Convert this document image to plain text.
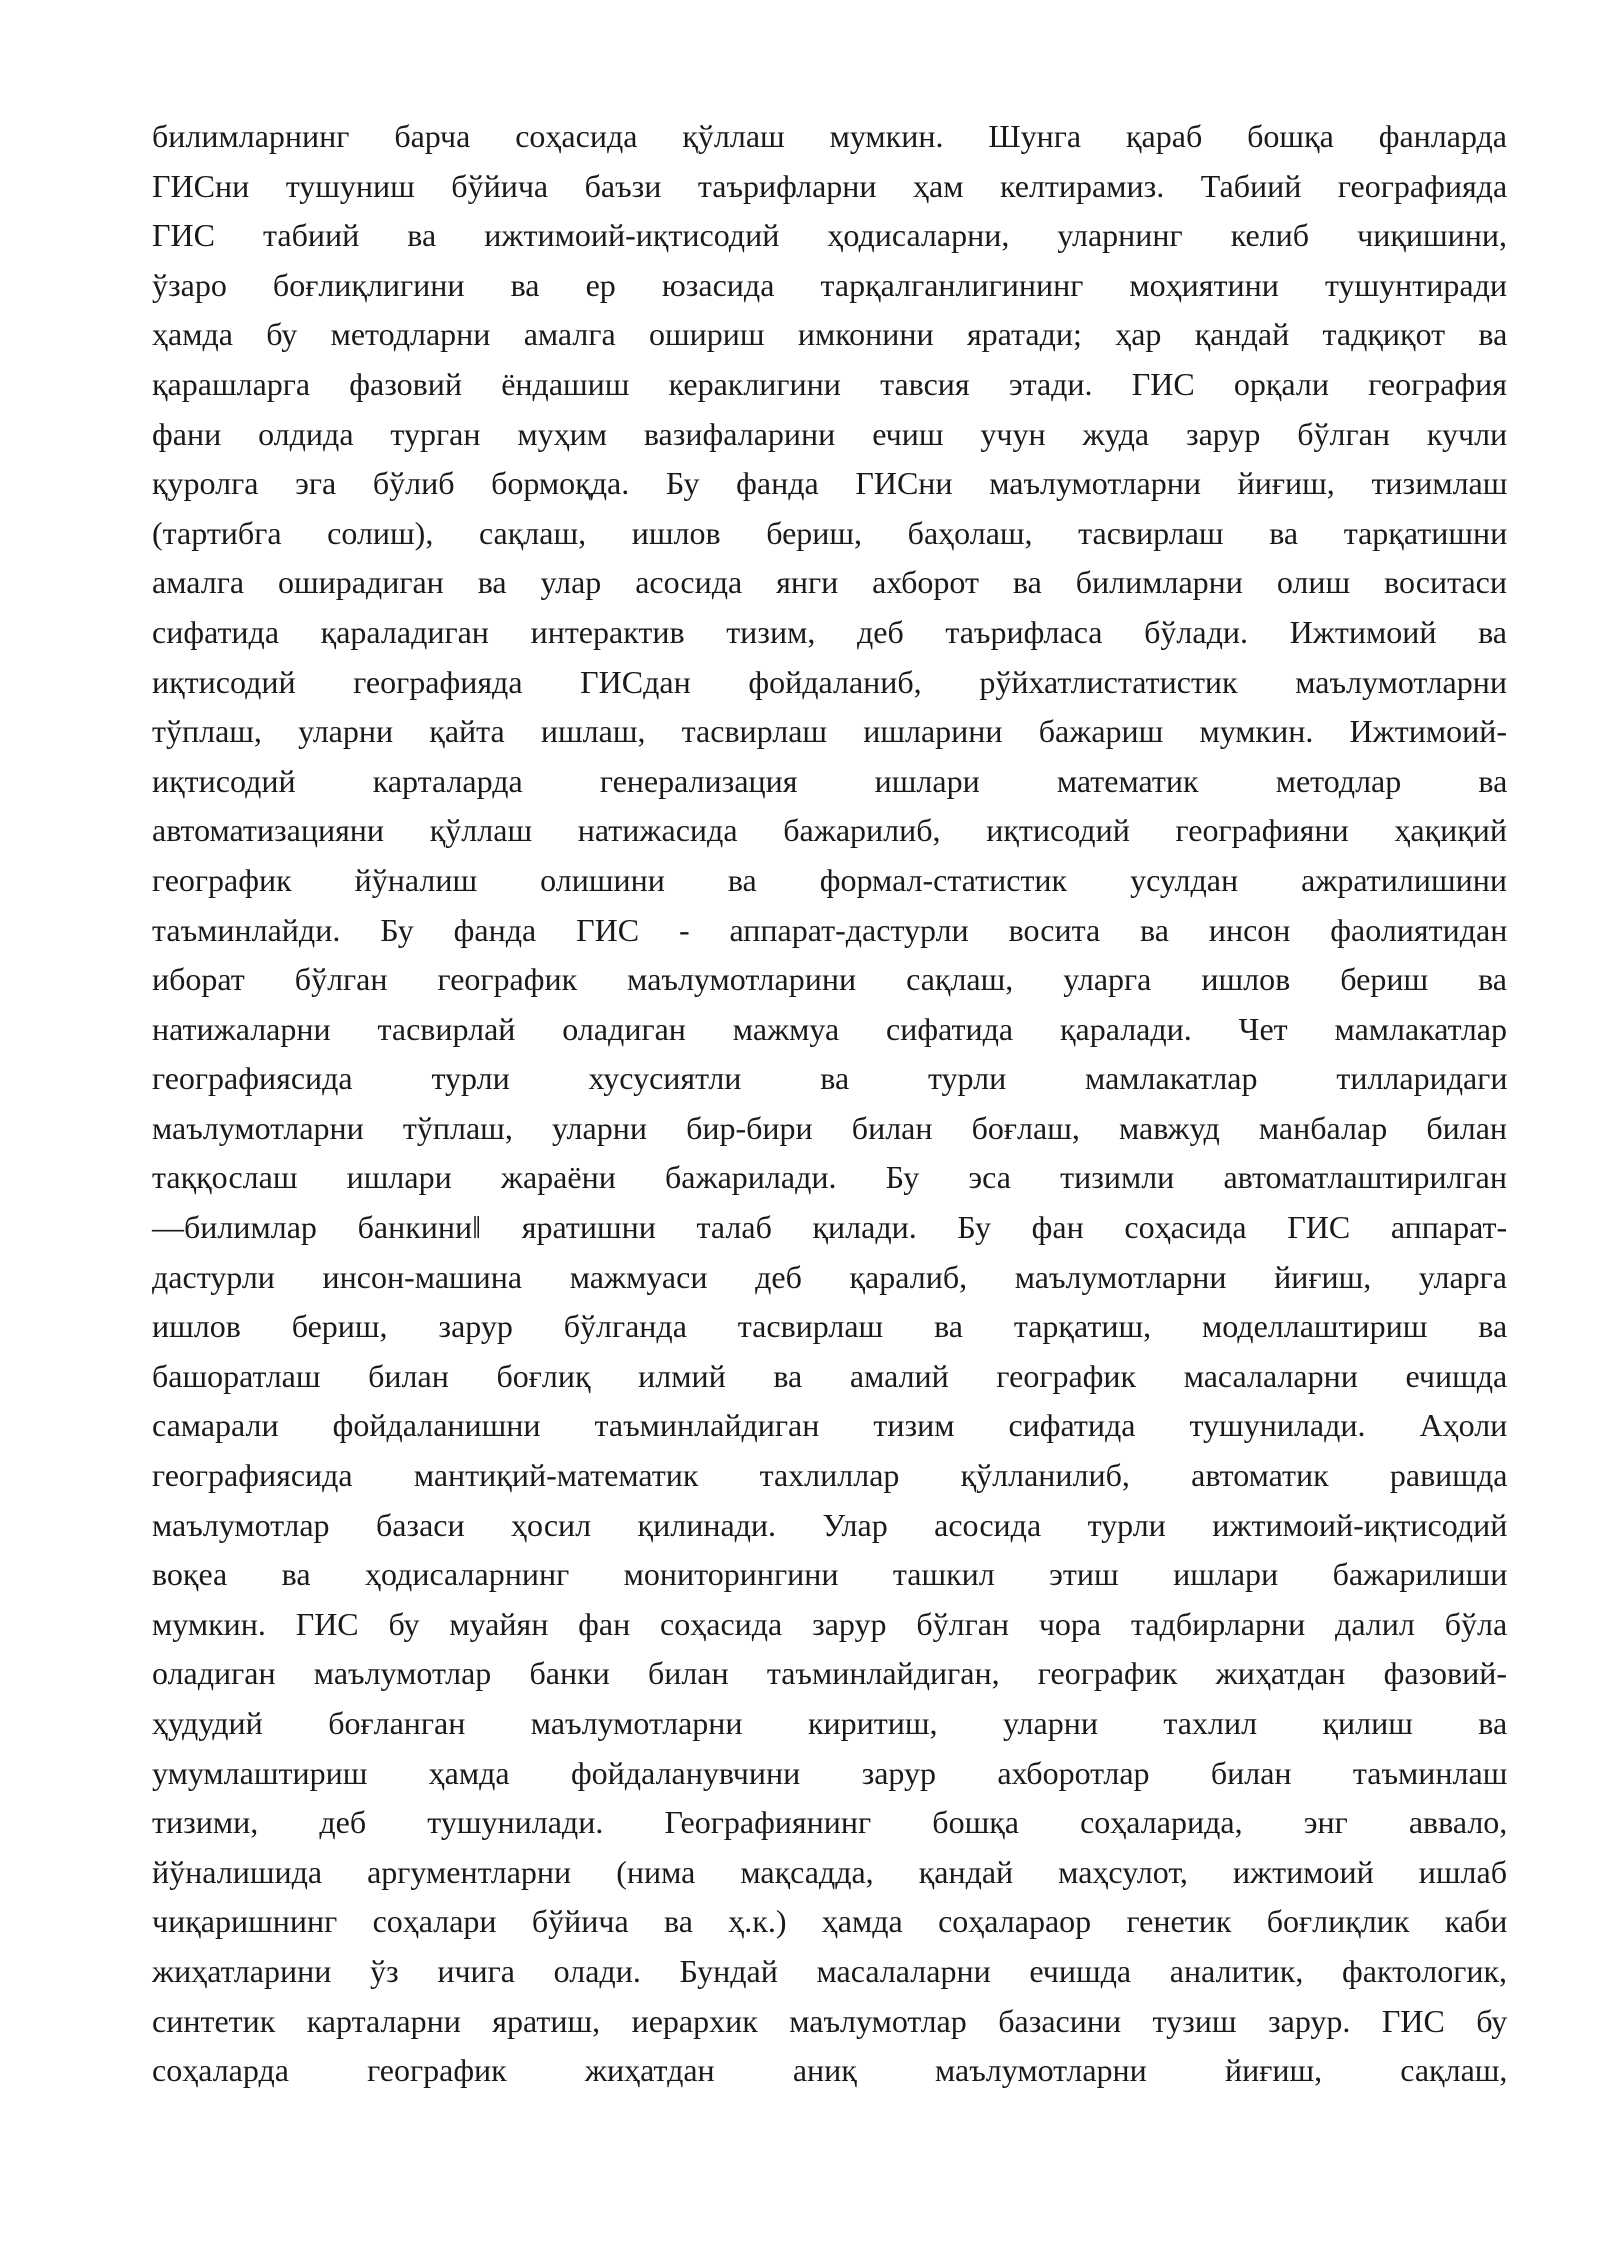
билимларнинг барча соҳасида қўллаш мумкин. Шунга қараб бошқа фанларда
ГИСни тушуниш бўйича баъзи таърифларни ҳам келтирамиз. Табиий географияда
ГИС табиий ва ижтимоий-иқтисодий ҳодисаларни, уларнинг келиб чиқишини,
ўзаро боғлиқлигини ва ер юзасида тарқалганлигининг моҳиятини тушунтиради
ҳамда бу методларни амалга ошириш имконини яратади; ҳар қандай тадқиқот ва
қарашларга фазовий ёндашиш кераклигини тавсия этади. ГИС орқали география
фани олдида турган муҳим вазифаларини ечиш учун жуда зарур бўлган кучли
қуролга эга бўлиб бормоқда. Бу фанда ГИСни маълумотларни йиғиш, тизимлаш
(тартибга солиш), сақлаш, ишлов бериш, баҳолаш, тасвирлаш ва тарқатишни
амалга оширадиган ва улар асосида янги ахборот ва билимларни олиш воситаси
сифатида қараладиган интерактив тизим, деб таърифласа бўлади. Ижтимоий ва
иқтисодий географияда ГИСдан фойдаланиб, рўйхатлистатистик маълумотларни
тўплаш, уларни қайта ишлаш, тасвирлаш ишларини бажариш мумкин. Ижтимоий-
иқтисодий карталарда генерализация ишлари математик методлар ва
автоматизацияни қўллаш натижасида бажарилиб, иқтисодий географияни ҳақиқий
географик йўналиш олишини ва формал-статистик усулдан ажратилишини
таъминлайди. Бу фанда ГИС - аппарат-дастурли восита ва инсон фаолиятидан
иборат бўлган географик маълумотларини сақлаш, уларга ишлов бериш ва
натижаларни тасвирлай оладиган мажмуа сифатида қаралади. Чет мамлакатлар
географиясида турли хусусиятли ва турли мамлакатлар тилларидаги
маълумотларни тўплаш, уларни бир-бири билан боғлаш, мавжуд манбалар билан
таққослаш ишлари жараёни бажарилади. Бу эса тизимли автоматлаштирилган
―билимлар банкини‖ яратишни талаб қилади. Бу фан соҳасида ГИС аппарат-
дастурли инсон-машина мажмуаси деб қаралиб, маълумотларни йиғиш, уларга
ишлов бериш, зарур бўлганда тасвирлаш ва тарқатиш, моделлаштириш ва
башоратлаш билан боғлиқ илмий ва амалий географик масалаларни ечишда
самарали фойдаланишни таъминлайдиган тизим сифатида тушунилади. Аҳоли
географиясида мантиқий-математик тахлиллар қўлланилиб, автоматик равишда
маълумотлар базаси ҳосил қилинади. Улар асосида турли ижтимоий-иқтисодий
воқеа ва ҳодисаларнинг мониторингини ташкил этиш ишлари бажарилиши
мумкин. ГИС бу муайян фан соҳасида зарур бўлган чора тадбирларни далил бўла
оладиган маълумотлар банки билан таъминлайдиган, географик жиҳатдан фазовий-
ҳудудий боғланган маълумотларни киритиш, уларни тахлил қилиш ва
умумлаштириш ҳамда фойдаланувчини зарур ахборотлар билан таъминлаш
тизими, деб тушунилади. Географиянинг бошқа соҳаларида, энг аввало,
йўналишида аргументларни (нима мақсадда, қандай маҳсулот, ижтимоий ишлаб
чиқаришнинг соҳалари бўйича ва ҳ.к.) ҳамда соҳалараор генетик боғлиқлик каби
жиҳатларини ўз ичига олади. Бундай масалаларни ечишда аналитик, фактологик,
синтетик карталарни яратиш, иерархик маълумотлар базасини тузиш зарур. ГИС бу
соҳаларда географик жиҳатдан аниқ маълумотларни йиғиш, сақлаш,
